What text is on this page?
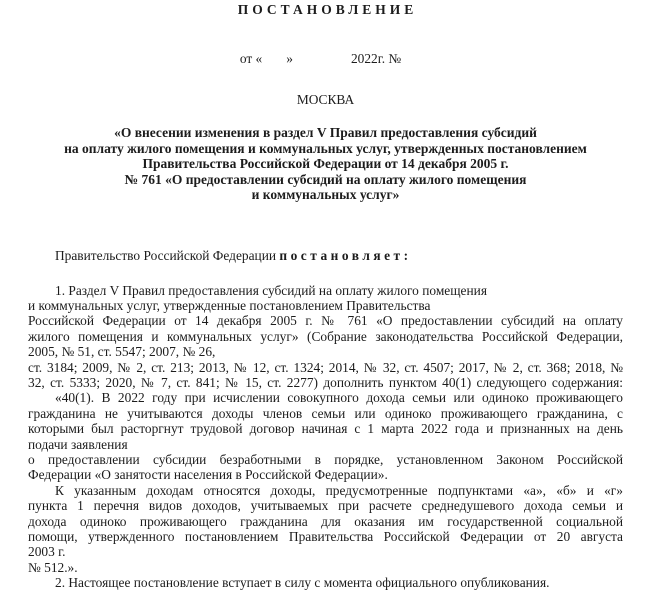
ПОСТАНОВЛЕНИЕ
от « »	2022г. №
МОСКВА
«О внесении изменения в раздел V Правил предоставления субсидий
на оплату жилого помещения и коммунальных услуг, утвержденных постановлением
Правительства Российской Федерации от 14 декабря 2005 г.
№ 761 «О предоставлении субсидий на оплату жилого помещения
и коммунальных услуг»
Правительство Российской Федерации постановляет:
1. Раздел V Правил предоставления субсидий на оплату жилого помещения
и коммунальных услуг, утвержденные постановлением Правительства
Российской Федерации от 14 декабря 2005 г. № 761 «О предоставлении субсидий на оплату
жилого помещения и коммунальных услуг» (Собрание законодательства Российской Федерации,
2005, № 51, ст. 5547; 2007, № 26,
ст. 3184; 2009, № 2, ст. 213; 2013, № 12, ст. 1324; 2014, № 32, ст. 4507; 2017, № 2, ст. 368; 2018, №
32, ст. 5333; 2020, № 7, ст. 841; № 15, ст. 2277) дополнить пунктом 40(1) следующего содержания:
«40(1). В 2022 году при исчислении совокупного дохода семьи или одиноко проживающего
гражданина не учитываются доходы членов семьи или одиноко проживающего гражданина, с
которыми был расторгнут трудовой договор начиная с 1 марта 2022 года и признанных на день
подачи заявления
о предоставлении субсидии безработными в порядке, установленном Законом Российской
Федерации «О занятости населения в Российской Федерации».
К указанным доходам относятся доходы, предусмотренные подпунктами «а», «б» и «г»
пункта 1 перечня видов доходов, учитываемых при расчете среднедушевого дохода семьи и
дохода одиноко проживающего гражданина для оказания им государственной социальной
помощи, утвержденного постановлением Правительства Российской Федерации от 20 августа
2003 г.
№ 512.».
2. Настоящее постановление вступает в силу с момента официального опубликования.
